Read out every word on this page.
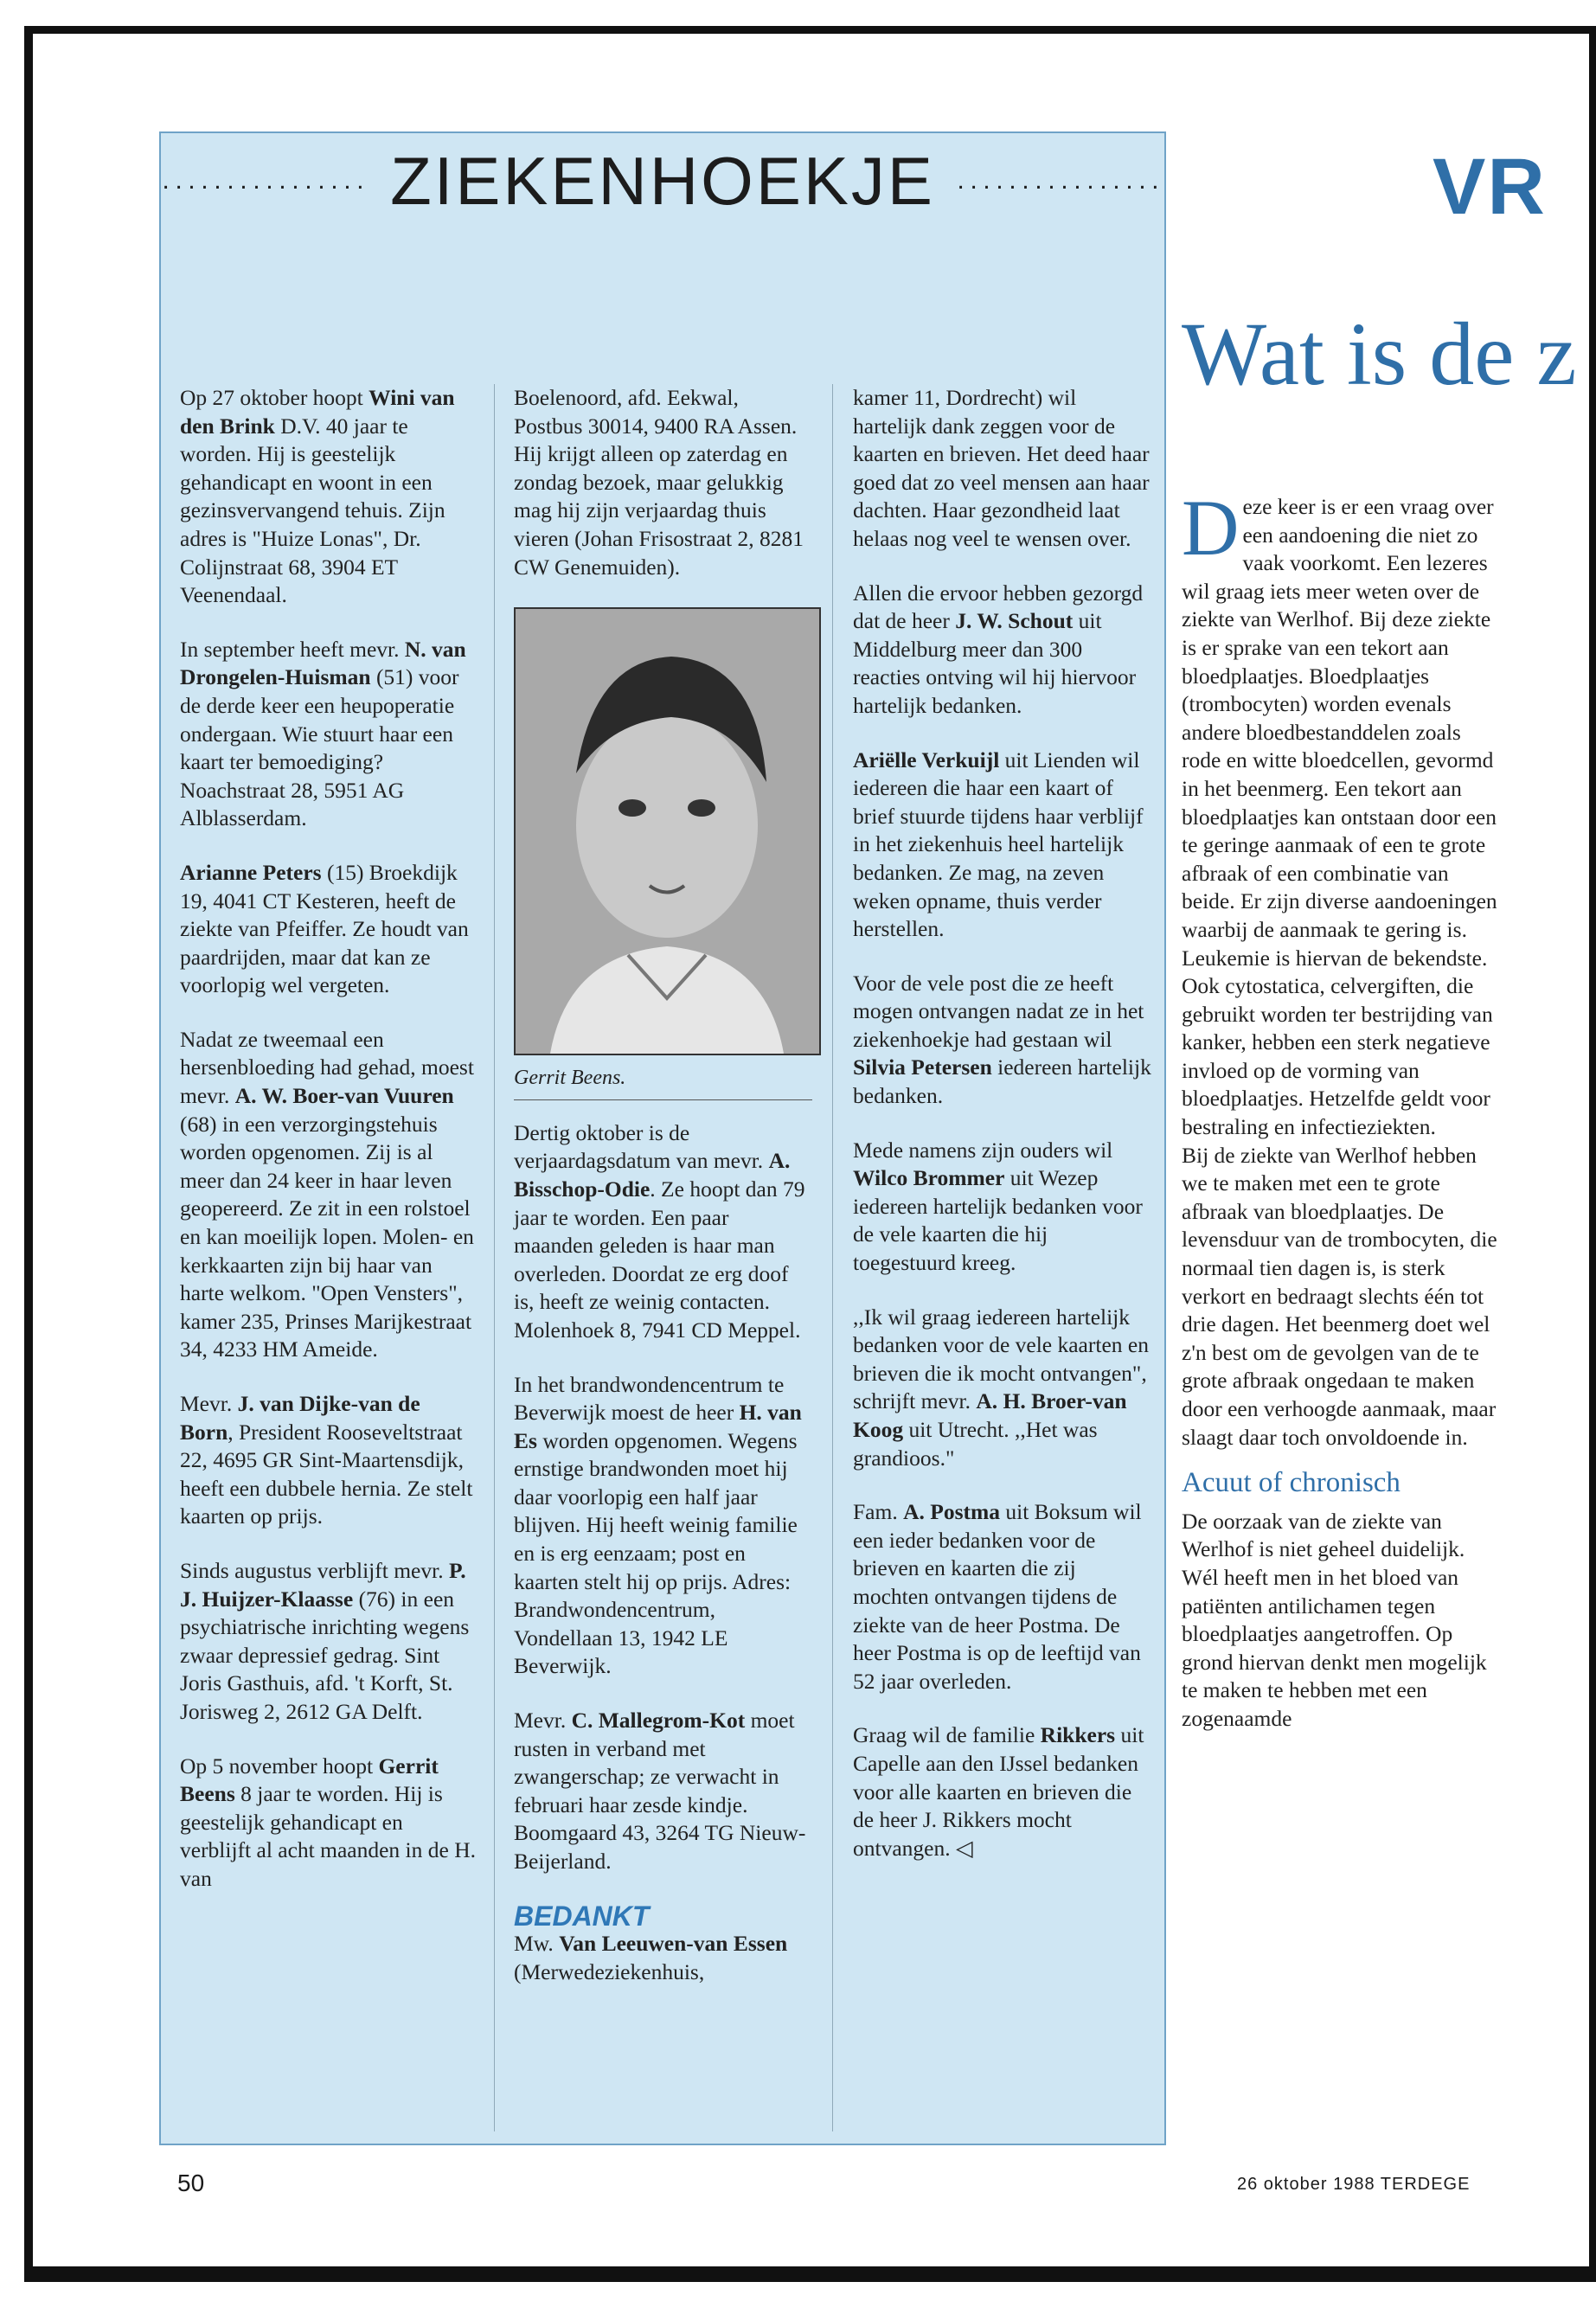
················ ZIEKENHOEKJE ················

Op 27 oktober hoopt Wini van den Brink D.V. 40 jaar te worden. Hij is geestelijk gehandicapt en woont in een gezinsvervangend tehuis. Zijn adres is "Huize Lonas", Dr. Colijnstraat 68, 3904 ET Veenendaal.

In september heeft mevr. N. van Drongelen-Huisman (51) voor de derde keer een heupoperatie ondergaan. Wie stuurt haar een kaart ter bemoediging? Noachstraat 28, 5951 AG Alblasserdam.

Arianne Peters (15) Broekdijk 19, 4041 CT Kesteren, heeft de ziekte van Pfeiffer. Ze houdt van paardrijden, maar dat kan ze voorlopig wel vergeten.

Nadat ze tweemaal een hersenbloeding had gehad, moest mevr. A. W. Boer-van Vuuren (68) in een verzorgingstehuis worden opgenomen. Zij is al meer dan 24 keer in haar leven geopereerd. Ze zit in een rolstoel en kan moeilijk lopen. Molen- en kerkkaarten zijn bij haar van harte welkom. "Open Vensters", kamer 235, Prinses Marijkestraat 34, 4233 HM Ameide.

Mevr. J. van Dijke-van de Born, President Rooseveltstraat 22, 4695 GR Sint-Maartensdijk, heeft een dubbele hernia. Ze stelt kaarten op prijs.

Sinds augustus verblijft mevr. P. J. Huijzer-Klaasse (76) in een psychiatrische inrichting wegens zwaar depressief gedrag. Sint Joris Gasthuis, afd. 't Korft, St. Jorisweg 2, 2612 GA Delft.

Op 5 november hoopt Gerrit Beens 8 jaar te worden. Hij is geestelijk gehandicapt en verblijft al acht maanden in de H. van

Boelenoord, afd. Eekwal, Postbus 30014, 9400 RA Assen. Hij krijgt alleen op zaterdag en zondag bezoek, maar gelukkig mag hij zijn verjaardag thuis vieren (Johan Frisostraat 2, 8281 CW Genemuiden).

Gerrit Beens.

Dertig oktober is de verjaardagsdatum van mevr. A. Bisschop-Odie. Ze hoopt dan 79 jaar te worden. Een paar maanden geleden is haar man overleden. Doordat ze erg doof is, heeft ze weinig contacten. Molenhoek 8, 7941 CD Meppel.

In het brandwondencentrum te Beverwijk moest de heer H. van Es worden opgenomen. Wegens ernstige brandwonden moet hij daar voorlopig een half jaar blijven. Hij heeft weinig familie en is erg eenzaam; post en kaarten stelt hij op prijs. Adres: Brandwondencentrum, Vondellaan 13, 1942 LE Beverwijk.

Mevr. C. Mallegrom-Kot moet rusten in verband met zwangerschap; ze verwacht in februari haar zesde kindje. Boomgaard 43, 3264 TG Nieuw-Beijerland.

BEDANKT

Mw. Van Leeuwen-van Essen (Merwedeziekenhuis,

kamer 11, Dordrecht) wil hartelijk dank zeggen voor de kaarten en brieven. Het deed haar goed dat zo veel mensen aan haar dachten. Haar gezondheid laat helaas nog veel te wensen over.

Allen die ervoor hebben gezorgd dat de heer J. W. Schout uit Middelburg meer dan 300 reacties ontving wil hij hiervoor hartelijk bedanken.

Ariëlle Verkuijl uit Lienden wil iedereen die haar een kaart of brief stuurde tijdens haar verblijf in het ziekenhuis heel hartelijk bedanken. Ze mag, na zeven weken opname, thuis verder herstellen.

Voor de vele post die ze heeft mogen ontvangen nadat ze in het ziekenhoekje had gestaan wil Silvia Petersen iedereen hartelijk bedanken.

Mede namens zijn ouders wil Wilco Brommer uit Wezep iedereen hartelijk bedanken voor de vele kaarten die hij toegestuurd kreeg.

,,Ik wil graag iedereen hartelijk bedanken voor de vele kaarten en brieven die ik mocht ontvangen", schrijft mevr. A. H. Broer-van Koog uit Utrecht. ,,Het was grandioos."

Fam. A. Postma uit Boksum wil een ieder bedanken voor de brieven en kaarten die zij mochten ontvangen tijdens de ziekte van de heer Postma. De heer Postma is op de leeftijd van 52 jaar overleden.

Graag wil de familie Rikkers uit Capelle aan den IJssel bedanken voor alle kaarten en brieven die de heer J. Rikkers mocht ontvangen. ◁

VR
Wat is de z

Deze keer is er een vraag over een aandoening die niet zo vaak voorkomt. Een lezeres wil graag iets meer weten over de ziekte van Werlhof. Bij deze ziekte is er sprake van een tekort aan bloedplaatjes. Bloedplaatjes (trombocyten) worden evenals andere bloedbestanddelen zoals rode en witte bloedcellen, gevormd in het beenmerg. Een tekort aan bloedplaatjes kan ontstaan door een te geringe aanmaak of een te grote afbraak of een combinatie van beide. Er zijn diverse aandoeningen waarbij de aanmaak te gering is. Leukemie is hiervan de bekendste.

Ook cytostatica, celvergiften, die gebruikt worden ter bestrijding van kanker, hebben een sterk negatieve invloed op de vorming van bloedplaatjes. Hetzelfde geldt voor bestraling en infectieziekten.

Bij de ziekte van Werlhof hebben we te maken met een te grote afbraak van bloedplaatjes. De levensduur van de trombocyten, die normaal tien dagen is, is sterk verkort en bedraagt slechts één tot drie dagen. Het beenmerg doet wel z'n best om de gevolgen van de te grote afbraak ongedaan te maken door een verhoogde aanmaak, maar slaagt daar toch onvoldoende in.

Acuut of chronisch

De oorzaak van de ziekte van Werlhof is niet geheel duidelijk. Wél heeft men in het bloed van patiënten antilichamen tegen bloedplaatjes aangetroffen. Op grond hiervan denkt men mogelijk te maken te hebben met een zogenaamde

50	26 oktober 1988 TERDEGE
